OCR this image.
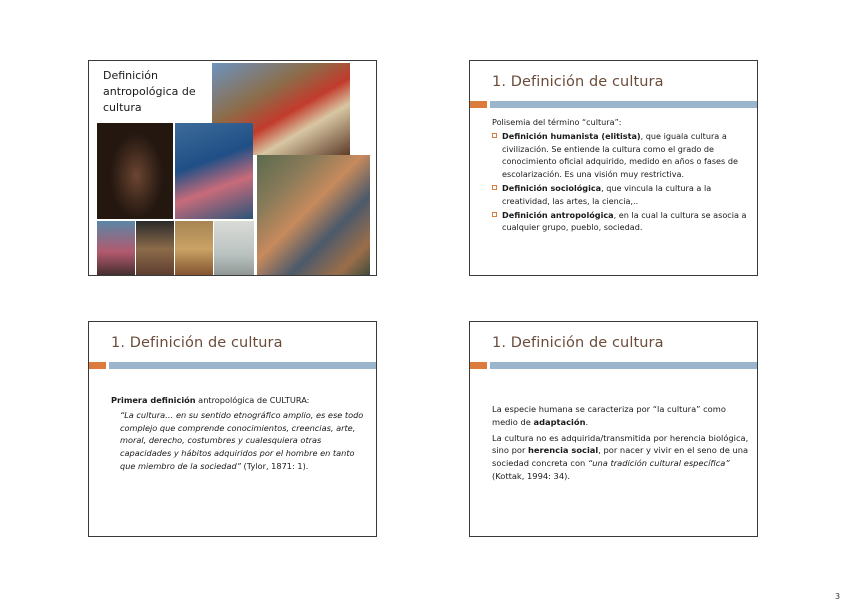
Definición antropológica de cultura
1. Definición de cultura
Polisemia del término “cultura”:
Definición humanista (elitista), que iguala cultura a civilización. Se entiende la cultura como el grado de conocimiento oficial adquirido, medido en años o fases de escolarización. Es una visión muy restrictiva.
Definición sociológica, que vincula la cultura a la creatividad, las artes, la ciencia,..
Definición antropológica, en la cual la cultura se asocia a cualquier grupo, pueblo, sociedad.
1. Definición de cultura
Primera definición antropológica de CULTURA:
“La cultura… en su sentido etnográfico amplio, es ese todo complejo que comprende conocimientos, creencias, arte, moral, derecho, costumbres y cualesquiera otras capacidades y hábitos adquiridos por el hombre en tanto que miembro de la sociedad” (Tylor, 1871: 1).
1. Definición de cultura

La especie humana se caracteriza por “la cultura” como medio de adaptación.

La cultura no es adquirida/transmitida por herencia biológica, sino por herencia social, por nacer y vivir en el seno de una sociedad concreta con “una tradición cultural específica” (Kottak, 1994: 34).

3
